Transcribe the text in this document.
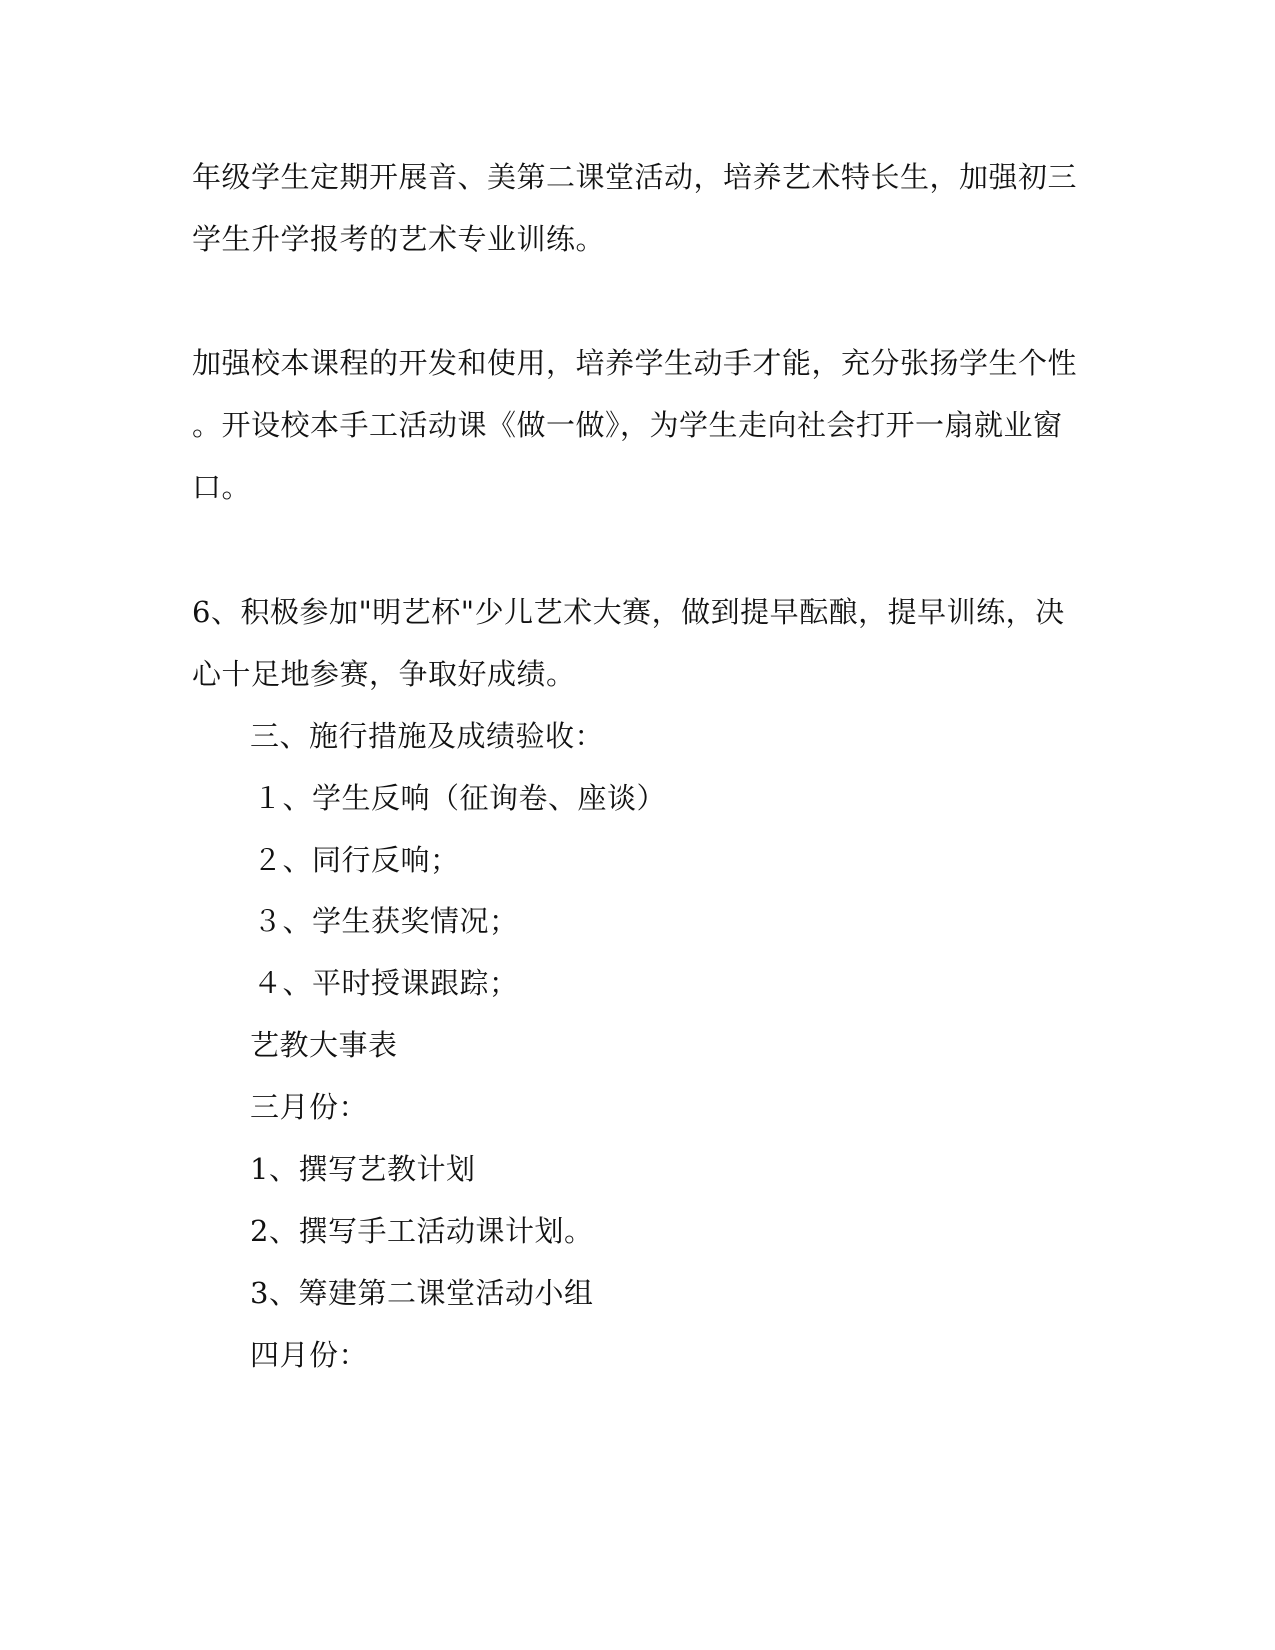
年级学生定期开展音、美第二课堂活动，培养艺术特长生，加强初三
学生升学报考的艺术专业训练。
加强校本课程的开发和使用，培养学生动手才能，充分张扬学生个性
。开设校本手工活动课《做一做》，为学生走向社会打开一扇就业窗
口。
6、积极参加"明艺杯"少儿艺术大赛，做到提早酝酿，提早训练，决
心十足地参赛，争取好成绩。
三、施行措施及成绩验收：
１、学生反响（征询卷、座谈）
２、同行反响；
３、学生获奖情况；
４、平时授课跟踪；
艺教大事表
三月份：
1、撰写艺教计划
2、撰写手工活动课计划。
3、筹建第二课堂活动小组
四月份：
